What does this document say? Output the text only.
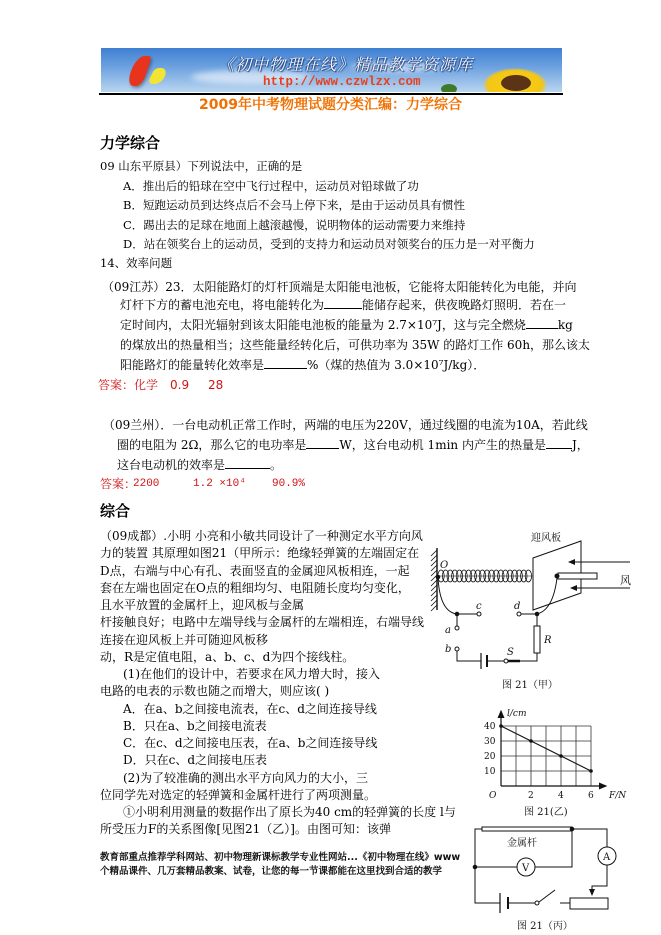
《初中物理在线》精品教学资源库
http://www.czwlzx.com
2009年中考物理试题分类汇编：力学综合
力学综合
09 山东平原县）下列说法中，正确的是
A．推出后的铅球在空中飞行过程中，运动员对铅球做了功
B．短跑运动员到达终点后不会马上停下来，是由于运动员具有惯性
C．踢出去的足球在地面上越滚越慢，说明物体的运动需要力来维持
D．站在领奖台上的运动员，受到的支持力和运动员对领奖台的压力是一对平衡力
14、效率问题
（09江苏）23．太阳能路灯的灯杆顶端是太阳能电池板，它能将太阳能转化为电能，并向
灯杆下方的蓄电池充电，将电能转化为	能储存起来，供夜晚路灯照明．若在一
定时间内，太阳光辐射到该太阳能电池板的能量为 2.7×10⁷J，这与完全燃烧	kg
的煤放出的热量相当；这些能量经转化后，可供功率为 35W 的路灯工作 60h，那么该太
阳能路灯的能量转化效率是	%（煤的热值为 3.0×10⁷J/kg）．
答案：化学 0.9 28
（09兰州）．一台电动机正常工作时，两端的电压为220V，通过线圈的电流为10A，若此线
圈的电阻为 2Ω，那么它的电功率是	W，这台电动机 1min 内产生的热量是 J，
这台电动机的效率是	。
答案：
2200	1.2 ×10⁴ 90.9%
综合
（09成都）.小明 小亮和小敏共同设计了一种测定水平方向风
力的装置 其原理如图21（甲所示：绝缘轻弹簧的左端固定在
D点，右端与中心有孔、表面竖直的金属迎风板相连，一起
套在左端也固定在O点的粗细均匀、电阻随长度均匀变化，
且水平放置的金属杆上，迎风板与金属
杆接触良好；电路中左端导线与金属杆的左端相连，右端导线
连接在迎风板上并可随迎风板移
动，R是定值电阻，a、b、c、d为四个接线柱。
(1)在他们的设计中，若要求在风力增大时，接入
电路的电表的示数也随之而增大，则应该( )
A．在a、b之间接电流表，在c、d之间连接导线
B．只在a、b之间接电流表
C．在c、d之间接电压表，在a、b之间连接导线
D．只在c、d之间接电压表
(2)为了较准确的测出水平方向风力的大小，三
位同学先对选定的轻弹簧和金属杆进行了两项测量。
①小明利用测量的数据作出了原长为40 cm的轻弹簧的长度 l与
所受压力F的关系图像[见图21（乙）]。由图可知：该弹
教育部重点推荐学科网站、初中物理新课标教学专业性网站...《初中物理在线》www
个精品课件、几万套精品教案、试卷，让您的每一节课都能在这里找到合适的教学
迎风板
风
O
c
a
d
b
R
S
图 21（甲）
l/cm
40
30
20
10
O	2	4	6 F/N
图 21(乙)
金属杆
V
A
图 21（丙）
